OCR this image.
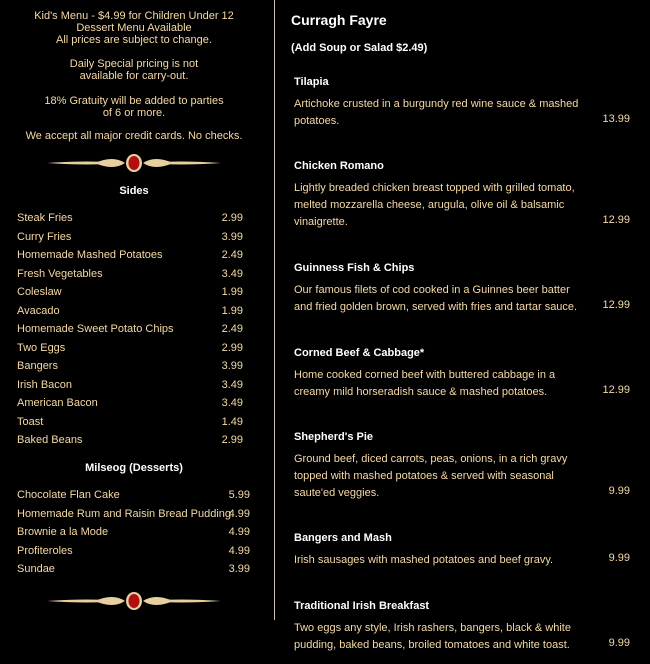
Kid's Menu - $4.99 for Children Under 12
Dessert Menu Available
All prices are subject to change.
Daily Special pricing is not
available for carry-out.
18% Gratuity will be added to parties
of 6 or more.
We accept all major credit cards. No checks.
Sides
Steak Fries	2.99
Curry Fries	3.99
Homemade Mashed Potatoes	2.49
Fresh Vegetables	3.49
Coleslaw	1.99
Avacado	1.99
Homemade Sweet Potato Chips	2.49
Two Eggs	2.99
Bangers	3.99
Irish Bacon	3.49
American Bacon	3.49
Toast	1.49
Baked Beans	2.99
Milseog (Desserts)
Chocolate Flan Cake	5.99
Homemade Rum and Raisin Bread Pudding
4.99
Brownie a la Mode	4.99
Profiteroles	4.99
Sundae	3.99
Curragh Fayre
(Add Soup or Salad $2.49)
Tilapia
Artichoke crusted in a burgundy red wine sauce & mashed potatoes.	13.99
Chicken Romano
Lightly breaded chicken breast topped with grilled tomato, melted mozzarella cheese, arugula, olive oil & balsamic vinaigrette.	12.99
Guinness Fish & Chips
Our famous filets of cod cooked in a Guinnes beer batter and fried golden brown, served with fries and tartar sauce.	12.99
Corned Beef & Cabbage*
Home cooked corned beef with buttered cabbage in a creamy mild horseradish sauce & mashed potatoes.	12.99
Shepherd's Pie
Ground beef, diced carrots, peas, onions, in a rich gravy topped with mashed potatoes & served with seasonal saute'ed veggies.	9.99
Bangers and Mash
Irish sausages with mashed potatoes and beef gravy.	9.99
Traditional Irish Breakfast
Two eggs any style, Irish rashers, bangers, black & white pudding, baked beans, broiled tomatoes and white toast.	9.99
